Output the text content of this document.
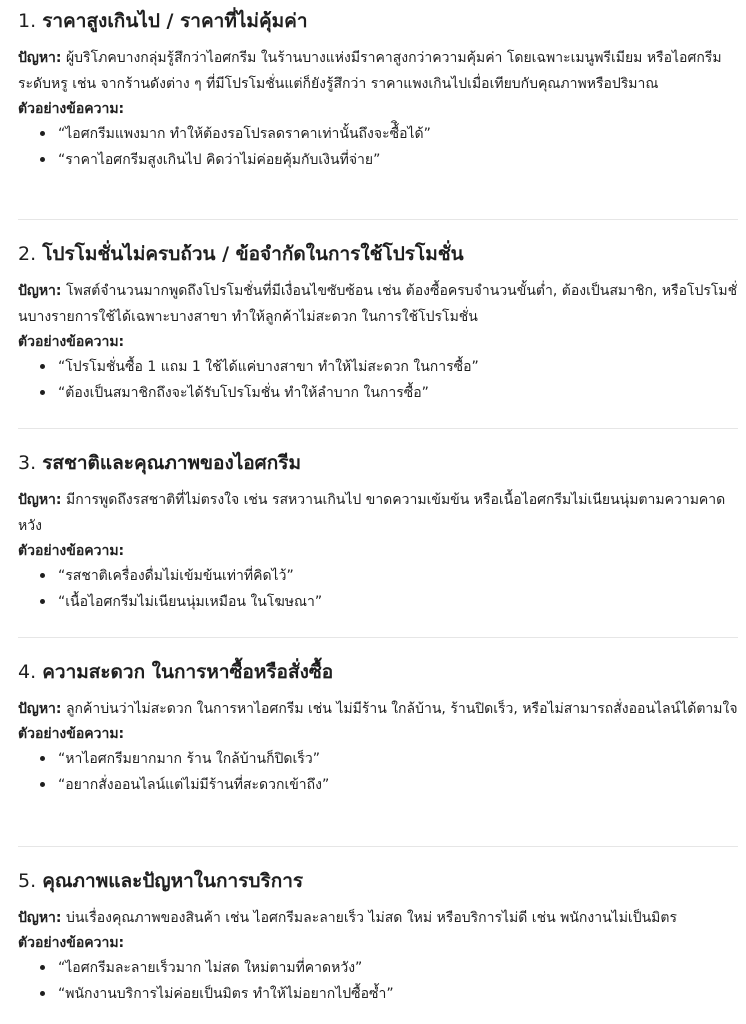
1. ราคาสูงเกินไป / ราคาที่ไม่คุ้มค่า

ปัญหา: ผู้บริโภคบางกลุ่มรู้สึกว่าไอศกรีม ในร้านบางแห่งมีราคาสูงกว่าความคุ้มค่า โดยเฉพาะเมนูพรีเมียม หรือไอศกรีมระดับหรู เช่น จากร้านดังต่าง ๆ ที่มีโปรโมชั่นแต่ก็ยังรู้สึกว่า ราคาแพงเกินไปเมื่อเทียบกับคุณภาพหรือปริมาณ

ตัวอย่างข้อความ:

“ไอศกรีมแพงมาก ทำให้ต้องรอโปรลดราคาเท่านั้นถึงจะซื้ิอได้”
“ราคาไอศกรีมสูงเกินไป คิดว่าไม่ค่อยคุ้มกับเงินที่จ่าย”
2. โปรโมชั่นไม่ครบถ้วน / ข้อจำกัดในการใช้โปรโมชั่น

ปัญหา: โพสต์จำนวนมากพูดถึงโปรโมชั่นที่มีเงื่อนไขซับซ้อน เช่น ต้องซื้อครบจำนวนขั้นต่ำ, ต้องเป็นสมาชิก, หรือโปรโมชั่นบางรายการใช้ได้เฉพาะบางสาขา ทำให้ลูกค้าไม่สะดวก ในการใช้โปรโมชั่น

ตัวอย่างข้อความ:

“โปรโมชั่นซื้อ 1 แถม 1 ใช้ได้แค่บางสาขา ทำให้ไม่สะดวก ในการซื้อ”
“ต้องเป็นสมาชิกถึงจะได้รับโปรโมชั่น ทำให้ลำบาก ในการซื้อ”
3. รสชาติและคุณภาพของไอศกรีม

ปัญหา: มีการพูดถึงรสชาติที่ไม่ตรงใจ เช่น รสหวานเกินไป ขาดความเข้มข้น หรือเนื้อไอศกรีมไม่เนียนนุ่มตามความคาดหวัง

ตัวอย่างข้อความ:

“รสชาติเครื่องดื่มไม่เข้มข้นเท่าที่คิดไว้”
“เนื้อไอศกรีมไม่เนียนนุ่มเหมือน ในโฆษณา”
4. ความสะดวก ในการหาซื้อหรือสั่งซื้อ

ปัญหา: ลูกค้าบ่นว่าไม่สะดวก ในการหาไอศกรีม เช่น ไม่มีร้าน ใกล้บ้าน, ร้านปิดเร็ว, หรือไม่สามารถสั่งออนไลน์ได้ตามใจ

ตัวอย่างข้อความ:

“หาไอศกรีมยากมาก ร้าน ใกล้บ้านก็ปิดเร็ว”
“อยากสั่งออนไลน์แต่ไม่มีร้านที่สะดวกเข้าถึง”
5. คุณภาพและปัญหาในการบริการ

ปัญหา: บ่นเรื่องคุณภาพของสินค้า เช่น ไอศกรีมละลายเร็ว ไม่สด ใหม่ หรือบริการไม่ดี เช่น พนักงานไม่เป็นมิตร

ตัวอย่างข้อความ:

“ไอศกรีมละลายเร็วมาก ไม่สด ใหม่ตามที่คาดหวัง”
“พนักงานบริการไม่ค่อยเป็นมิตร ทำให้ไม่อยากไปซื้อซ้ำ”
